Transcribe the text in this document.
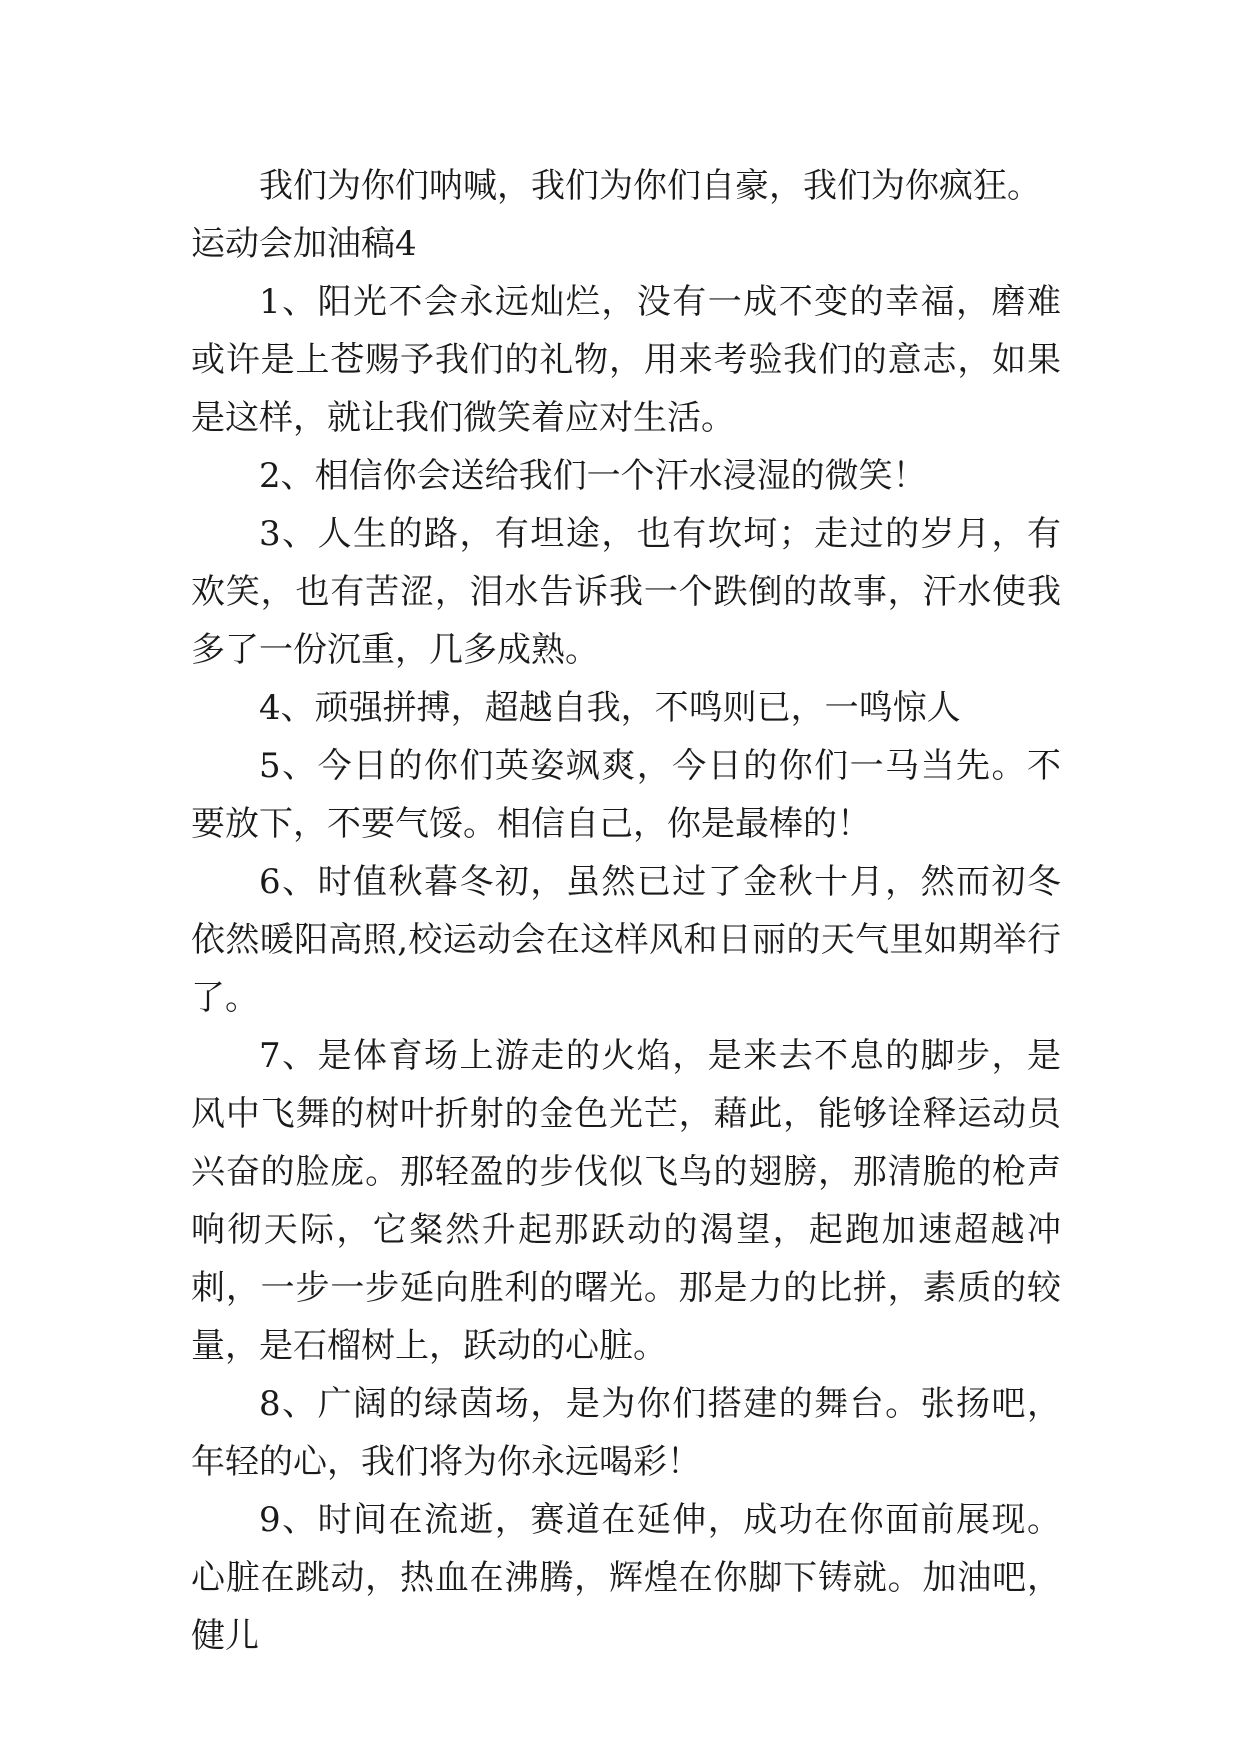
我们为你们呐喊，我们为你们自豪，我们为你疯狂。

运动会加油稿4

1、阳光不会永远灿烂，没有一成不变的幸福，磨难或许是上苍赐予我们的礼物，用来考验我们的意志，如果是这样，就让我们微笑着应对生活。

2、相信你会送给我们一个汗水浸湿的微笑！

3、人生的路，有坦途，也有坎坷；走过的岁月，有欢笑，也有苦涩，泪水告诉我一个跌倒的故事，汗水使我多了一份沉重，几多成熟。

4、顽强拼搏，超越自我，不鸣则已，一鸣惊人

5、今日的你们英姿飒爽，今日的你们一马当先。不要放下，不要气馁。相信自己，你是最棒的！

6、时值秋暮冬初，虽然已过了金秋十月，然而初冬依然暖阳高照,校运动会在这样风和日丽的天气里如期举行了。

7、是体育场上游走的火焰，是来去不息的脚步，是风中飞舞的树叶折射的金色光芒，藉此，能够诠释运动员兴奋的脸庞。那轻盈的步伐似飞鸟的翅膀，那清脆的枪声响彻天际，它粲然升起那跃动的渴望，起跑加速超越冲刺，一步一步延向胜利的曙光。那是力的比拼，素质的较量，是石榴树上，跃动的心脏。

8、广阔的绿茵场，是为你们搭建的舞台。张扬吧，年轻的心，我们将为你永远喝彩！

9、时间在流逝，赛道在延伸，成功在你面前展现。心脏在跳动，热血在沸腾，辉煌在你脚下铸就。加油吧，健儿
